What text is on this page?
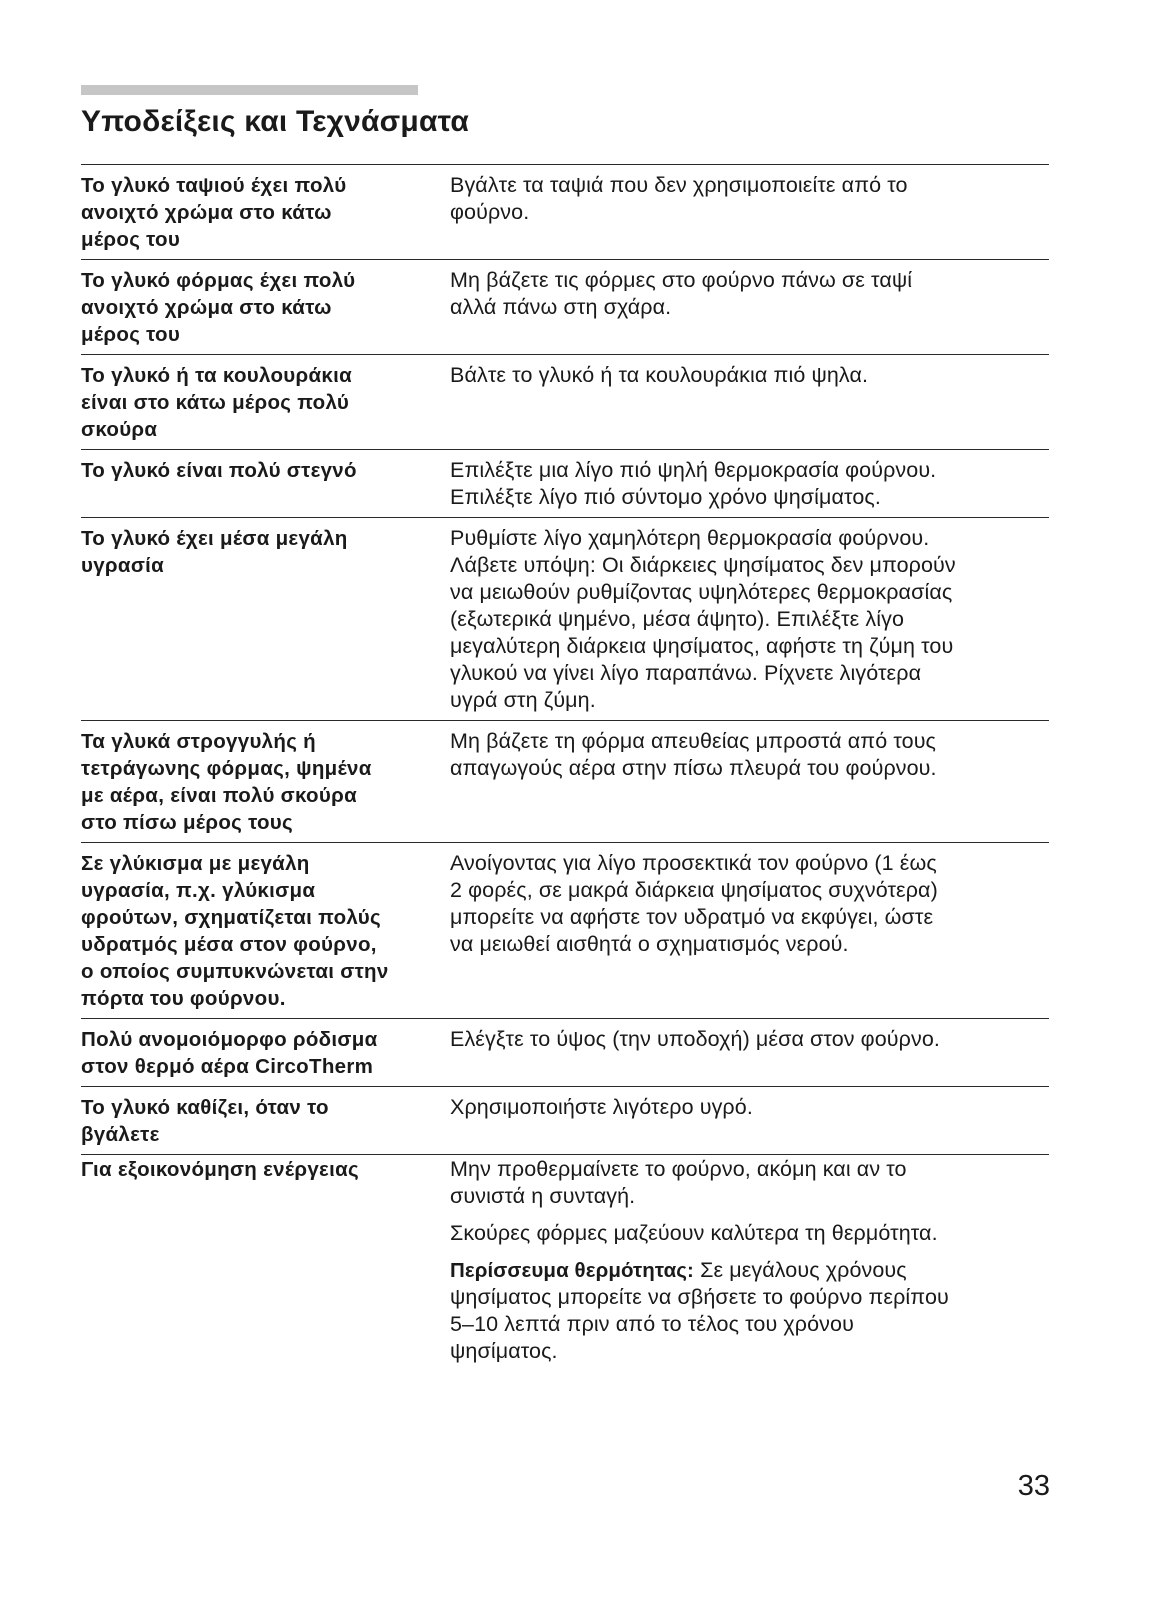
Υποδείξεις και Τεχνάσματα
Το γλυκό ταψιού έχει πολύ
ανοιχτό χρώμα στο κάτω
μέρος του
Βγάλτε τα ταψιά που δεν χρησιμοποιείτε από το
φούρνο.
Το γλυκό φόρμας έχει πολύ
ανοιχτό χρώμα στο κάτω
μέρος του
Μη βάζετε τις φόρμες στο φούρνο πάνω σε ταψί
αλλά πάνω στη σχάρα.
Το γλυκό ή τα κουλουράκια
είναι στο κάτω μέρος πολύ
σκούρα
Βάλτε το γλυκό ή τα κουλουράκια πιό ψηλα.
Το γλυκό είναι πολύ στεγνό	Επιλέξτε μια λίγο πιό ψηλή θερμοκρασία φούρνου.
Επιλέξτε λίγο πιό σύντομο χρόνο ψησίματος.
Το γλυκό έχει μέσα μεγάλη
υγρασία
Ρυθμίστε λίγο χαμηλότερη θερμοκρασία φούρνου.
Λάβετε υπόψη: Οι διάρκειες ψησίματος δεν μπορούν
να μειωθούν ρυθμίζοντας υψηλότερες θερμοκρασίας
(εξωτερικά ψημένο, μέσα άψητο). Επιλέξτε λίγο
μεγαλύτερη διάρκεια ψησίματος, αφήστε τη ζύμη του
γλυκού να γίνει λίγο παραπάνω. Ρίχνετε λιγότερα
υγρά στη ζύμη.
Τα γλυκά στρογγυλής ή
τετράγωνης φόρμας, ψημένα
με αέρα, είναι πολύ σκούρα
στο πίσω μέρος τους
Μη βάζετε τη φόρμα απευθείας μπροστά από τους
απαγωγούς αέρα στην πίσω πλευρά του φούρνου.
Σε γλύκισμα με μεγάλη
υγρασία, π.χ. γλύκισμα
φρούτων, σχηματίζεται πολύς
υδρατμός μέσα στον φούρνο,
ο οποίος συμπυκνώνεται στην
πόρτα του φούρνου.
Ανοίγοντας για λίγο προσεκτικά τον φούρνο (1 έως
2 φορές, σε μακρά διάρκεια ψησίματος συχνότερα)
μπορείτε να αφήστε τον υδρατμό να εκφύγει, ώστε
να μειωθεί αισθητά ο σχηματισμός νερού.
Πολύ ανομοιόμορφο ρόδισμα
στον θερμό αέρα CircoTherm
Ελέγξτε το ύψος (την υποδοχή) μέσα στον φούρνο.
Το γλυκό καθίζει, όταν το
βγάλετε
Χρησιμοποιήστε λιγότερο υγρό.
Για εξοικονόμηση ενέργειας	Μην προθερμαίνετε το φούρνο, ακόμη και αν το
συνιστά η συνταγή.

Σκούρες φόρμες μαζεύουν καλύτερα τη θερμότητα.

Περίσσευμα θερμότητας: Σε μεγάλους χρόνους
ψησίματος μπορείτε να σβήσετε το φούρνο περίπου
5–10 λεπτά πριν από το τέλος του χρόνου
ψησίματος.

33
